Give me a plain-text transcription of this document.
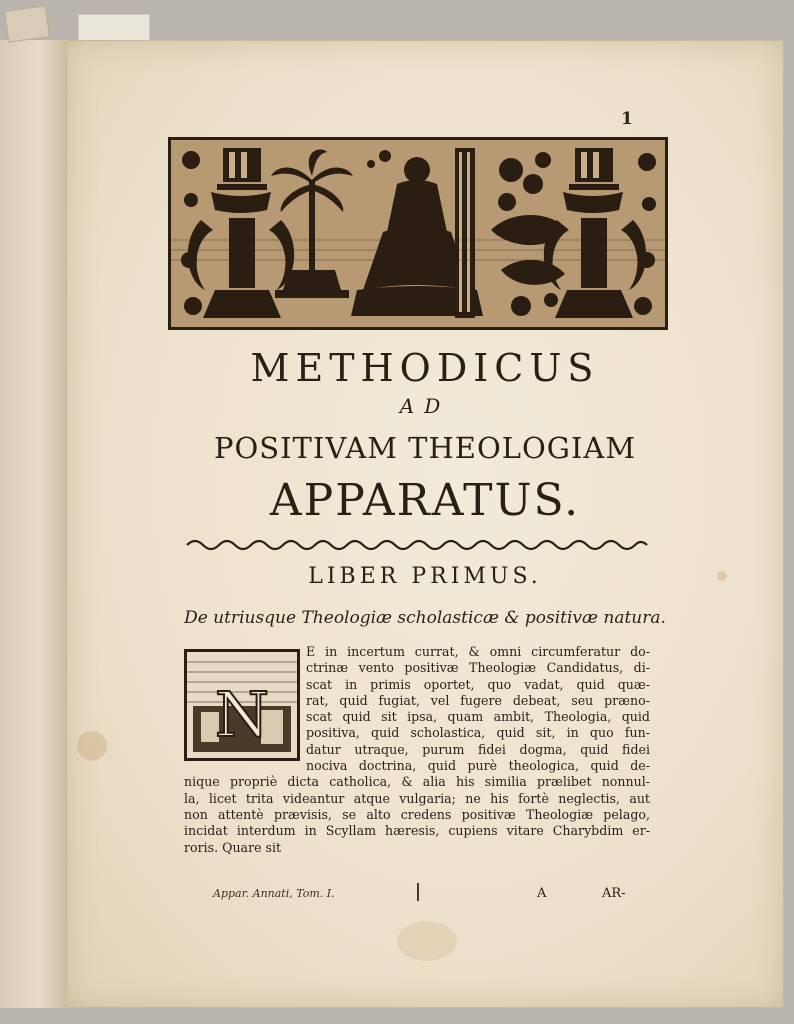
1
METHODICUS
AD
POSITIVAM THEOLOGIAM
APPARATUS.
LIBER PRIMUS.
De utriusque Theologiæ scholasticæ & positivæ natura.
N
E in incertum currat, & omni circumferatur do-
ctrinæ vento positivæ Theologiæ Candidatus, di-
scat in primis oportet, quo vadat, quid quæ-
rat, quid fugiat, vel fugere debeat, seu præno-
scat quid sit ipsa, quam ambit, Theologia, quid
positiva, quid scholastica, quid sit, in quo fun-
datur utraque, purum fidei dogma, quid fidei
nociva doctrina, quid purè theologica, quid de-
nique propriè dicta catholica, & alia his similia prælibet nonnul-
la, licet trita videantur atque vulgaria; ne his fortè neglectis, aut
non attentè prævisis, se alto credens positivæ Theologiæ pelago,
incidat interdum in Scyllam hæresis, cupiens vitare Charybdim er-
roris. Quare sit
Appar. Annati, Tom. I.	A	AR-
